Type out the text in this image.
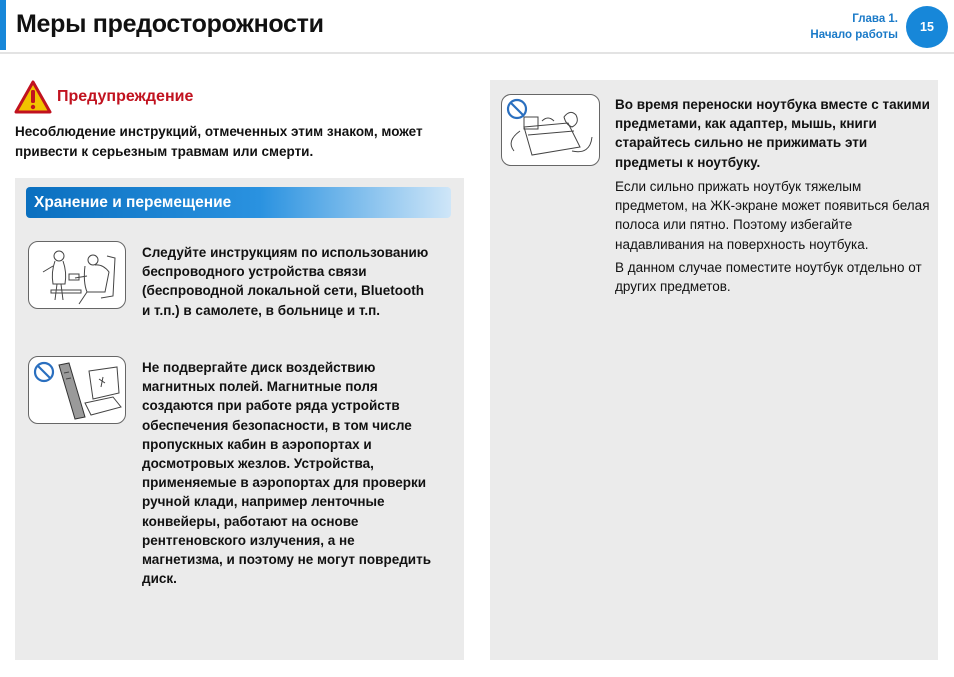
Меры предосторожности	Глава 1.
Начало работы
15
Предупреждение
Несоблюдение инструкций, отмеченных этим знаком, может привести к серьезным травмам или смерти.
Хранение и перемещение
Следуйте инструкциям по использованию беспроводного устройства связи (беспроводной локальной сети, Bluetooth и т.п.) в самолете, в больнице и т.п.
Не подвергайте диск воздействию магнитных полей. Магнитные поля создаются при работе ряда устройств обеспечения безопасности, в том числе пропускных кабин в аэропортах и досмотровых жезлов. Устройства, применяемые в аэропортах для проверки ручной клади, например ленточные конвейеры, работают на основе рентгеновского излучения, а не магнетизма, и поэтому не могут повредить диск.
Во время переноски ноутбука вместе с такими предметами, как адаптер, мышь, книги старайтесь сильно не прижимать эти предметы к ноутбуку.
Если сильно прижать ноутбук тяжелым предметом, на ЖК-экране может появиться белая полоса или пятно. Поэтому избегайте надавливания на поверхность ноутбука.
В данном случае поместите ноутбук отдельно от других предметов.
